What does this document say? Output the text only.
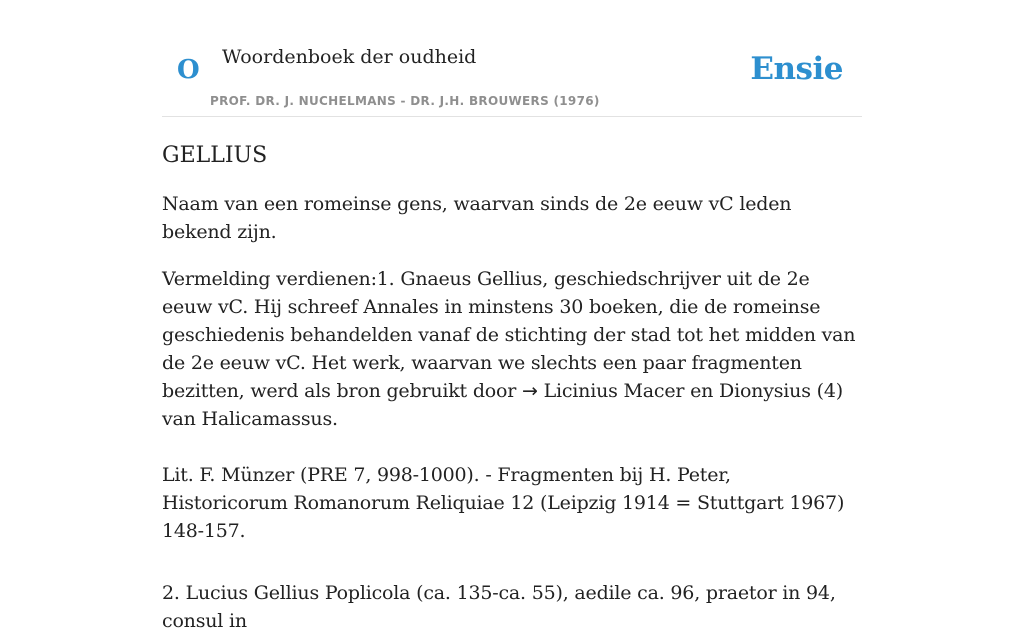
O Woordenboek der oudheid
PROF. DR. J. NUCHELMANS - DR. J.H. BROUWERS (1976)
Ensie
GELLIUS

Naam van een romeinse gens, waarvan sinds de 2e eeuw vC leden bekend zijn.

Vermelding verdienen:1. Gnaeus Gellius, geschiedschrijver uit de 2e eeuw vC. Hij schreef Annales in minstens 30 boeken, die de romeinse geschiedenis behandelden vanaf de stichting der stad tot het midden van de 2e eeuw vC. Het werk, waarvan we slechts een paar fragmenten bezitten, werd als bron gebruikt door → Licinius Macer en Dionysius (4) van Halicamassus.

Lit. F. Münzer (PRE 7, 998-1000). - Fragmenten bij H. Peter, Historicorum Romanorum Reliquiae 12 (Leipzig 1914 = Stuttgart 1967) 148-157.

2. Lucius Gellius Poplicola (ca. 135-ca. 55), aedile ca. 96, praetor in 94, consul in
